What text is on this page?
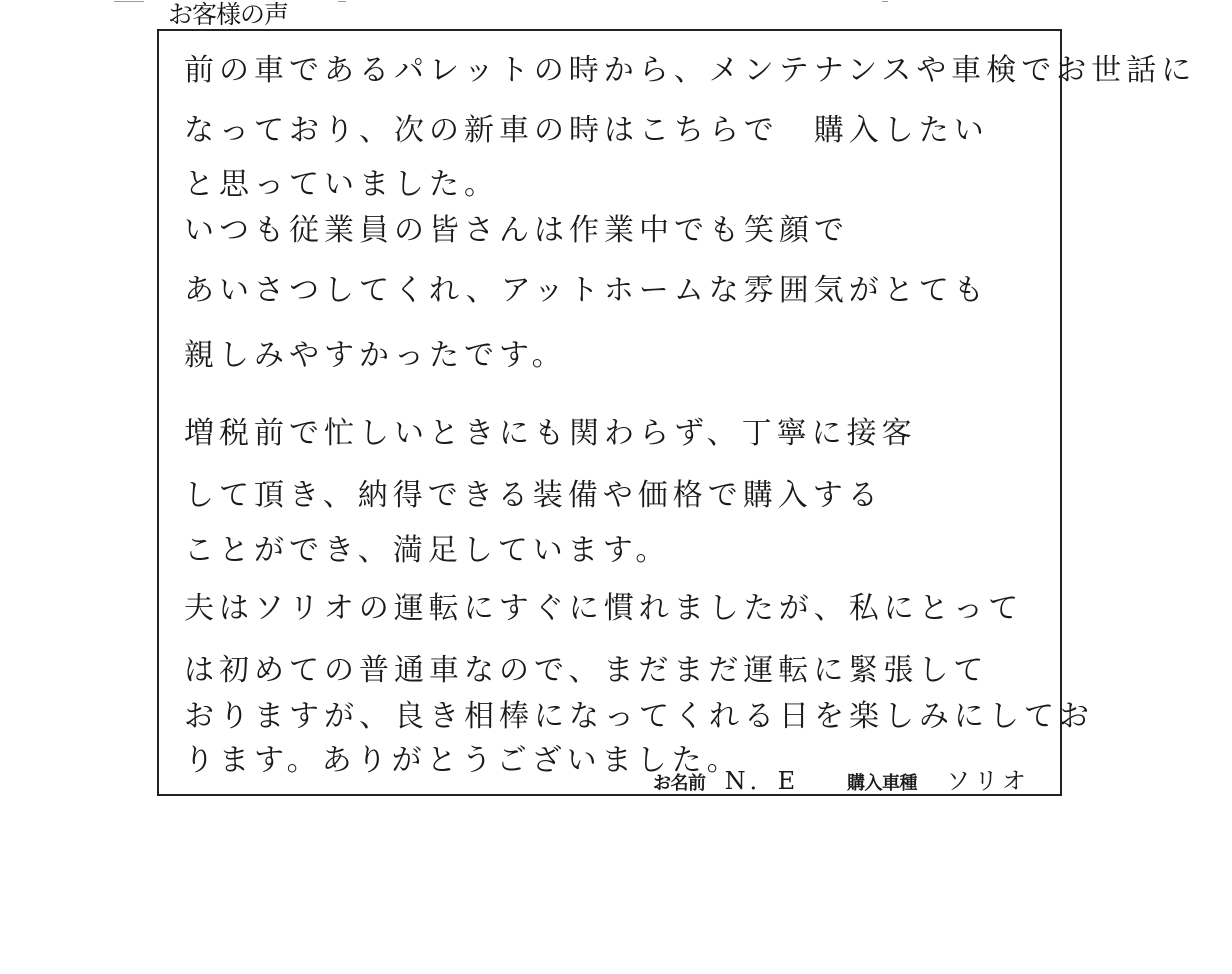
お客様の声
前の車であるパレットの時から、メンテナンスや車検でお世話に
なっており、次の新車の時はこちらで　購入したい
と思っていました。
いつも従業員の皆さんは作業中でも笑顔で
あいさつしてくれ、アットホームな雰囲気がとても
親しみやすかったです。
増税前で忙しいときにも関わらず、丁寧に接客
して頂き、納得できる装備や価格で購入する
ことができ、満足しています。
夫はソリオの運転にすぐに慣れましたが、私にとって
は初めての普通車なので、まだまだ運転に緊張して
おりますが、良き相棒になってくれる日を楽しみにしてお
ります。ありがとうございました。
お名前 N．E	購入車種 ソリオ
